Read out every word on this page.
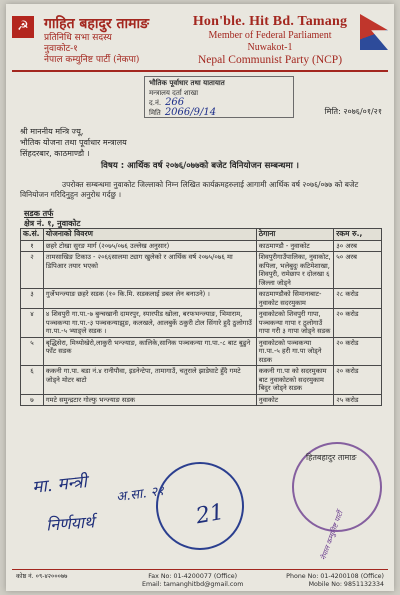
☭	गाहित बहादुर तामाङ
प्रतिनिधि सभा सदस्य
नुवाकोट-१
नेपाल कम्युनिष्ट पार्टी (नेकपा)
Hon'ble. Hit Bd. Tamang
Member of Federal Parliament
Nuwakot-1
Nepal Communist Party (NCP)
भौतिक पूर्वाधार तथा यातायात
मन्त्रालय दर्ता शाखा
द.नं. 266
मिति 2066/9/14	मिति: २०७६/०१/२१
श्री माननीय मन्त्रि ज्यू,
भौतिक योजना तथा पूर्वाधार मन्त्रालय
सिंहदरबार, काठमाण्डौ ।
विषय : आर्थिक वर्ष २०७६/०७७को बजेट विनियोजन सम्बन्धमा ।
उपरोक्त सम्बन्धमा नुवाकोट जिल्लाको निम्न लिखित कार्यक्रमहरुलाई आगामी आर्थिक वर्ष २०७६/०७७ को बजेट विनियोजन गरिदिनुहुन अनुरोध गर्दछु ।
सडक तर्फ
क्षेत्र नं. १, नुवाकोट
क.सं.	योजनाको विवरण	ठेगाना	रकम रु.,
१	छहरे टोखा सुरङ मार्ग (२०७५/०७६ उल्लेख अनुसार)	काठमाण्डौ - नुवाकोट	३० अरब
२	तामसाखिङ टिकाउ - २०६६सालमा ट्याग खुलेको र आर्थिक वर्ष २०७५/०७६ मा डिपिआर तयार भएको	शिवपुरीगाउँपालिका, नुवाकोट, कपिला, भलेबुदुः कटिमेशाखा, शिवपुरी, रामेछाप र दोलखा ६ जिल्ला जोड्ने	५० अरब
३	गुर्जेभन्ज्याङ छहरे सडक (१० कि.मि. सडकलाई डबल लेन बनाउने) ।	काठमाण्डौको सिमानाबाट-नुवाकोट सदरमुकाम	२८ करोड
४	४ शिवपुरी गा.पा.-७ बुन्चखानी दामरपुर, स्पारपीड खोला, बरफभन्ज्याङ, भिमाराम, पञ्चकन्या गा.पा.-३ पञ्चकन्याझुङ, कलखले, आलबुकें ठकुरी टोल सिंगारे हुदै ठुलोगाउँ गा.पा.-५ भ्याङ्ले सडक ।	नुवाकोटको शिवपुरी गापा, पञ्चकन्या गापा र ठुलोगाउँ गापा गरी ३ गापा जोड्ने सडक	२० करोड
५	बृद्धिसेरा, मिथ्योखेरो,लाकुरी भन्ज्याङ, कालिके,सानिक पञ्चकन्या गा.पा.-८ बाट बुढुने फाँट सडक	नुवाकोटको पञ्चकन्या गा.पा.-५ हरी गा.पा जोड्ने सडक	२० करोड
६	ककनी गा.पा. बडा नं.४ रानीपौवा, इडनेन्टेपा, तामागाउँ, चतुराले झाडेघाटे हुँदै गमटे जोड्ने मोटर बाटो	ककनी गा.पा को सदरमुकाम बाट नुवाकोटको सदरमुकाम बिदुर जोड्ने सडक	२० करोड
७	गमटे समुन्द्रटार गोल्फु भन्ज्याङ सडक	नुवाकोट	२५ करोड
मा. मन्त्री
निर्णयार्थ
अ.सा. २१
21	नेपाल कम्युनिष्ट पार्टी
हितबहादुर तामाङ
कोष्ठ नं. ०९-४२०००७७	Fax No: 01-4200077 (Office)
Email: tamanghitbd@gmail.com
Phone No: 01-4200108 (Office)
Mobile No: 9851132334
